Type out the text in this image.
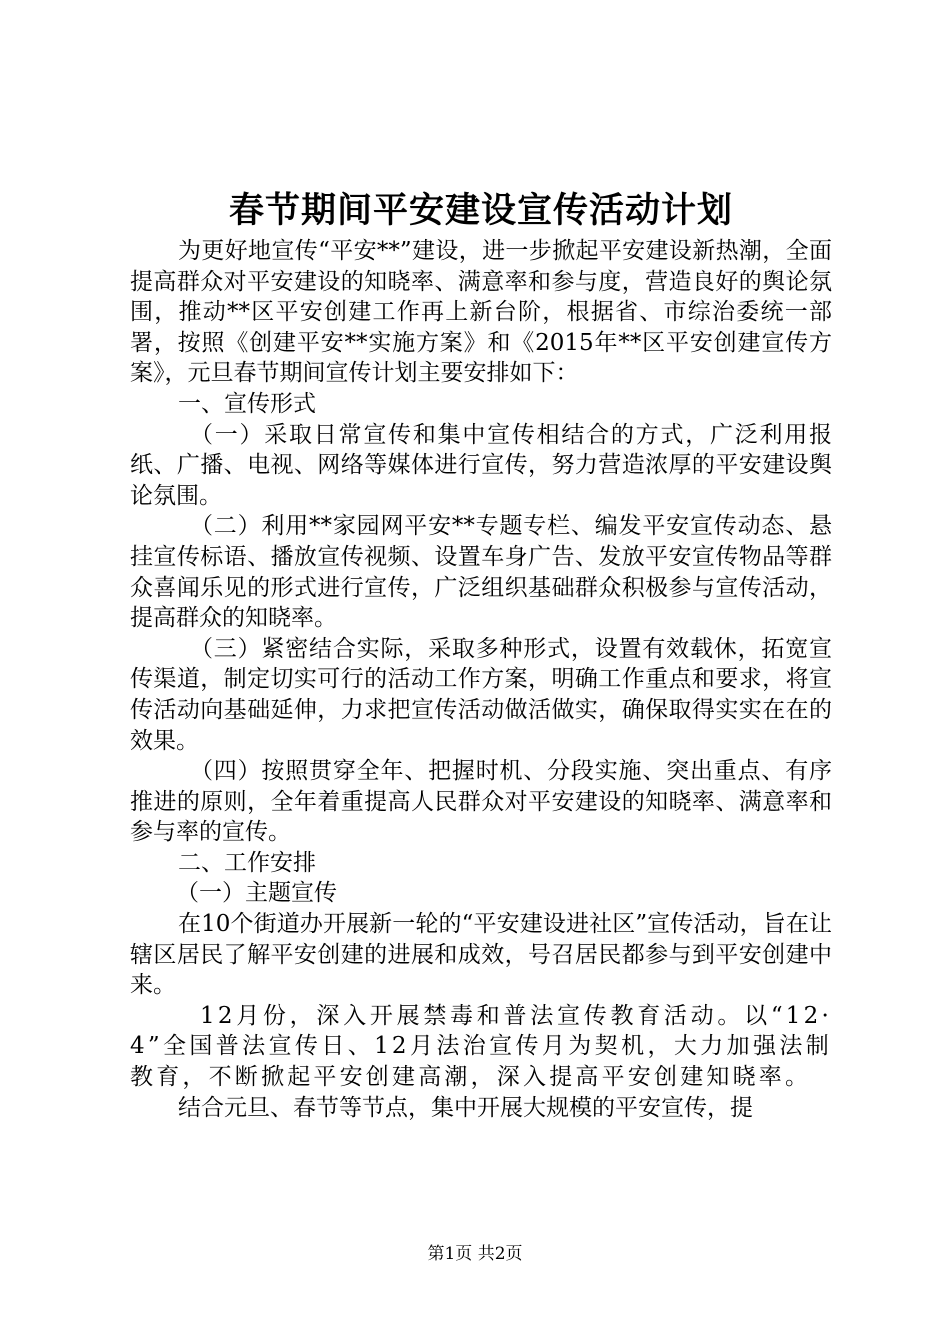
春节期间平安建设宣传活动计划

为更好地宣传“平安**”建设，进一步掀起平安建设新热潮，全面提高群众对平安建设的知晓率、满意率和参与度，营造良好的舆论氛围，推动**区平安创建工作再上新台阶，根据省、市综治委统一部署，按照《创建平安**实施方案》和《2015年**区平安创建宣传方案》，元旦春节期间宣传计划主要安排如下：

一、宣传形式

（一）采取日常宣传和集中宣传相结合的方式，广泛利用报纸、广播、电视、网络等媒体进行宣传，努力营造浓厚的平安建设舆论氛围。

（二）利用**家园网平安**专题专栏、编发平安宣传动态、悬挂宣传标语、播放宣传视频、设置车身广告、发放平安宣传物品等群众喜闻乐见的形式进行宣传，广泛组织基础群众积极参与宣传活动，提高群众的知晓率。

（三）紧密结合实际，采取多种形式，设置有效载休，拓宽宣传渠道，制定切实可行的活动工作方案，明确工作重点和要求，将宣传活动向基础延伸，力求把宣传活动做活做实，确保取得实实在在的效果。

（四）按照贯穿全年、把握时机、分段实施、突出重点、有序推进的原则，全年着重提高人民群众对平安建设的知晓率、满意率和参与率的宣传。

二、工作安排

（一）主题宣传

在10个街道办开展新一轮的“平安建设进社区”宣传活动，旨在让辖区居民了解平安创建的进展和成效，号召居民都参与到平安创建中来。

12月份，深入开展禁毒和普法宣传教育活动。以“12·4”全国普法宣传日、12月法治宣传月为契机，大力加强法制教育，不断掀起平安创建高潮，深入提高平安创建知晓率。

结合元旦、春节等节点，集中开展大规模的平安宣传，提

第1页 共2页
